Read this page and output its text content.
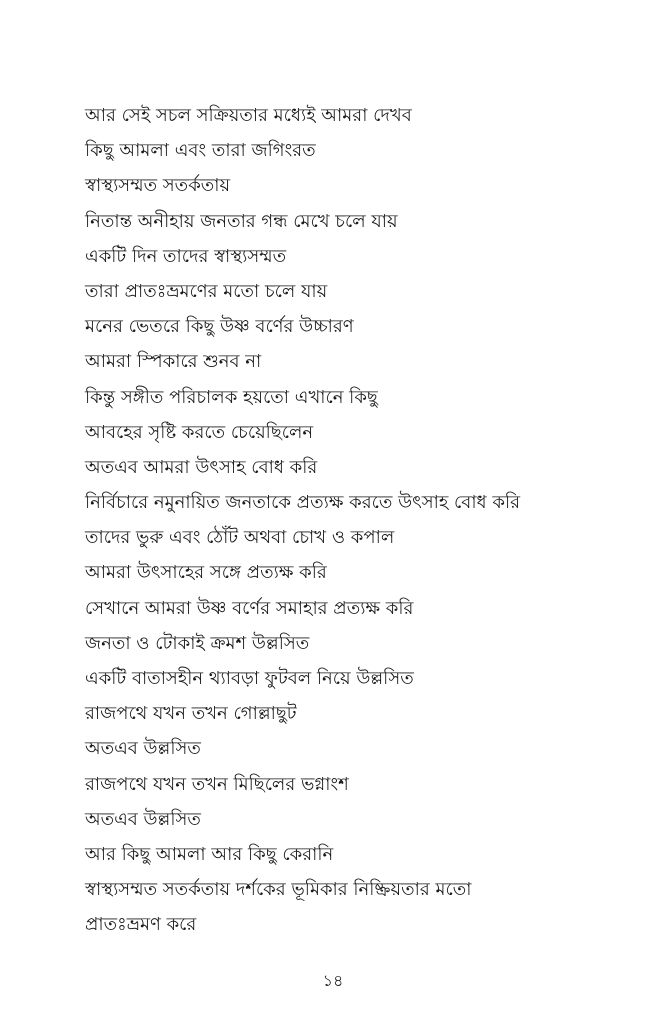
আর সেই সচল সক্রিয়তার মধ্যেই আমরা দেখব
কিছু আমলা এবং তারা জগিংরত
স্বাস্থ্যসম্মত সতর্কতায়
নিতান্ত অনীহায় জনতার গন্ধ মেখে চলে যায়
একটি দিন তাদের স্বাস্থ্যসম্মত
তারা প্রাতঃভ্রমণের মতো চলে যায়
মনের ভেতরে কিছু উষ্ণ বর্ণের উচ্চারণ
আমরা স্পিকারে শুনব না
কিন্তু সঙ্গীত পরিচালক হয়তো এখানে কিছু
আবহের সৃষ্টি করতে চেয়েছিলেন
অতএব আমরা উৎসাহ বোধ করি
নির্বিচারে নমুনায়িত জনতাকে প্রত্যক্ষ করতে উৎসাহ বোধ করি
তাদের ভুরু এবং ঠোঁট অথবা চোখ ও কপাল
আমরা উৎসাহের সঙ্গে প্রত্যক্ষ করি
সেখানে আমরা উষ্ণ বর্ণের সমাহার প্রত্যক্ষ করি
জনতা ও টোকাই ক্রমশ উল্লসিত
একটি বাতাসহীন থ্যাবড়া ফুটবল নিয়ে উল্লসিত
রাজপথে যখন তখন গোল্লাছুট
অতএব উল্লসিত
রাজপথে যখন তখন মিছিলের ভগ্নাংশ
অতএব উল্লসিত
আর কিছু আমলা আর কিছু কেরানি
স্বাস্থ্যসম্মত সতর্কতায় দর্শকের ভূমিকার নিষ্ক্রিয়তার মতো
প্রাতঃভ্রমণ করে
১৪
